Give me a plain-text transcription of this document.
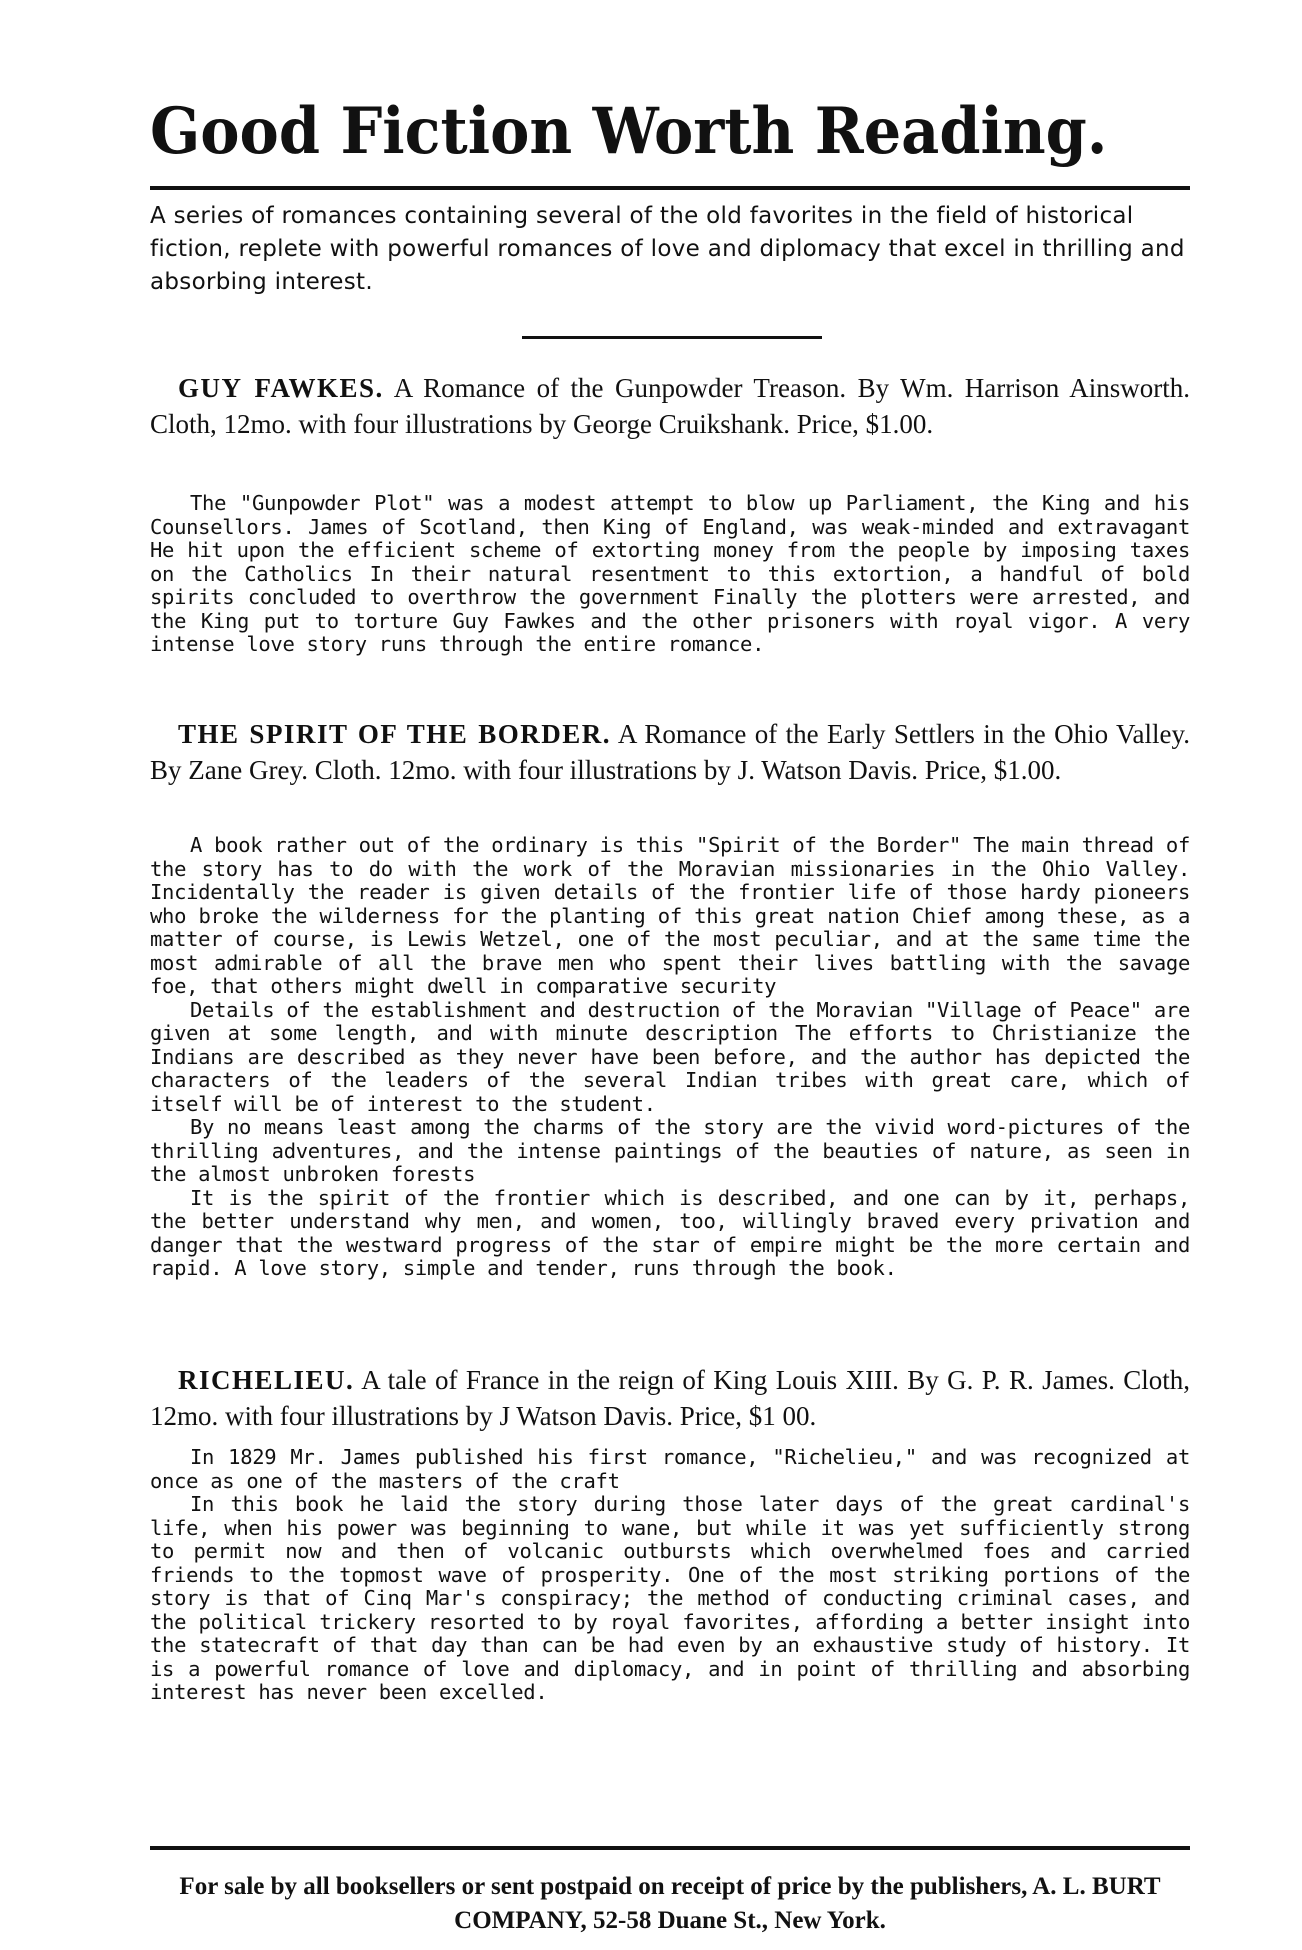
Good Fiction Worth Reading.
A series of romances containing several of the old favorites in the field of historical fiction, replete with powerful romances of love and diplomacy that excel in thrilling and absorbing interest.
GUY FAWKES. A Romance of the Gunpowder Treason. By Wm. Harrison Ainsworth. Cloth, 12mo. with four illustrations by George Cruikshank. Price, $1.00.

The "Gunpowder Plot" was a modest attempt to blow up Parliament, the King and his Counsellors. James of Scotland, then King of England, was weak-minded and extravagant He hit upon the efficient scheme of extorting money from the people by imposing taxes on the Catholics In their natural resentment to this extortion, a handful of bold spirits concluded to overthrow the government Finally the plotters were arrested, and the King put to torture Guy Fawkes and the other prisoners with royal vigor. A very intense love story runs through the entire romance.

THE SPIRIT OF THE BORDER. A Romance of the Early Settlers in the Ohio Valley. By Zane Grey. Cloth. 12mo. with four illustrations by J. Watson Davis. Price, $1.00.

A book rather out of the ordinary is this "Spirit of the Border" The main thread of the story has to do with the work of the Moravian missionaries in the Ohio Valley. Incidentally the reader is given details of the frontier life of those hardy pioneers who broke the wilderness for the planting of this great nation Chief among these, as a matter of course, is Lewis Wetzel, one of the most peculiar, and at the same time the most admirable of all the brave men who spent their lives battling with the savage foe, that others might dwell in comparative security

Details of the establishment and destruction of the Moravian "Village of Peace" are given at some length, and with minute description The efforts to Christianize the Indians are described as they never have been before, and the author has depicted the characters of the leaders of the several Indian tribes with great care, which of itself will be of interest to the student.

By no means least among the charms of the story are the vivid word-pictures of the thrilling adventures, and the intense paintings of the beauties of nature, as seen in the almost unbroken forests

It is the spirit of the frontier which is described, and one can by it, perhaps, the better understand why men, and women, too, willingly braved every privation and danger that the westward progress of the star of empire might be the more certain and rapid. A love story, simple and tender, runs through the book.

RICHELIEU. A tale of France in the reign of King Louis XIII. By G. P. R. James. Cloth, 12mo. with four illustrations by J Watson Davis. Price, $1 00.

In 1829 Mr. James published his first romance, "Richelieu," and was recognized at once as one of the masters of the craft

In this book he laid the story during those later days of the great cardinal's life, when his power was beginning to wane, but while it was yet sufficiently strong to permit now and then of volcanic outbursts which overwhelmed foes and carried friends to the topmost wave of prosperity. One of the most striking portions of the story is that of Cinq Mar's conspiracy; the method of conducting criminal cases, and the political trickery resorted to by royal favorites, affording a better insight into the statecraft of that day than can be had even by an exhaustive study of history. It is a powerful romance of love and diplomacy, and in point of thrilling and absorbing interest has never been excelled.

For sale by all booksellers or sent postpaid on receipt of price by the publishers, A. L. BURT COMPANY, 52-58 Duane St., New York.
